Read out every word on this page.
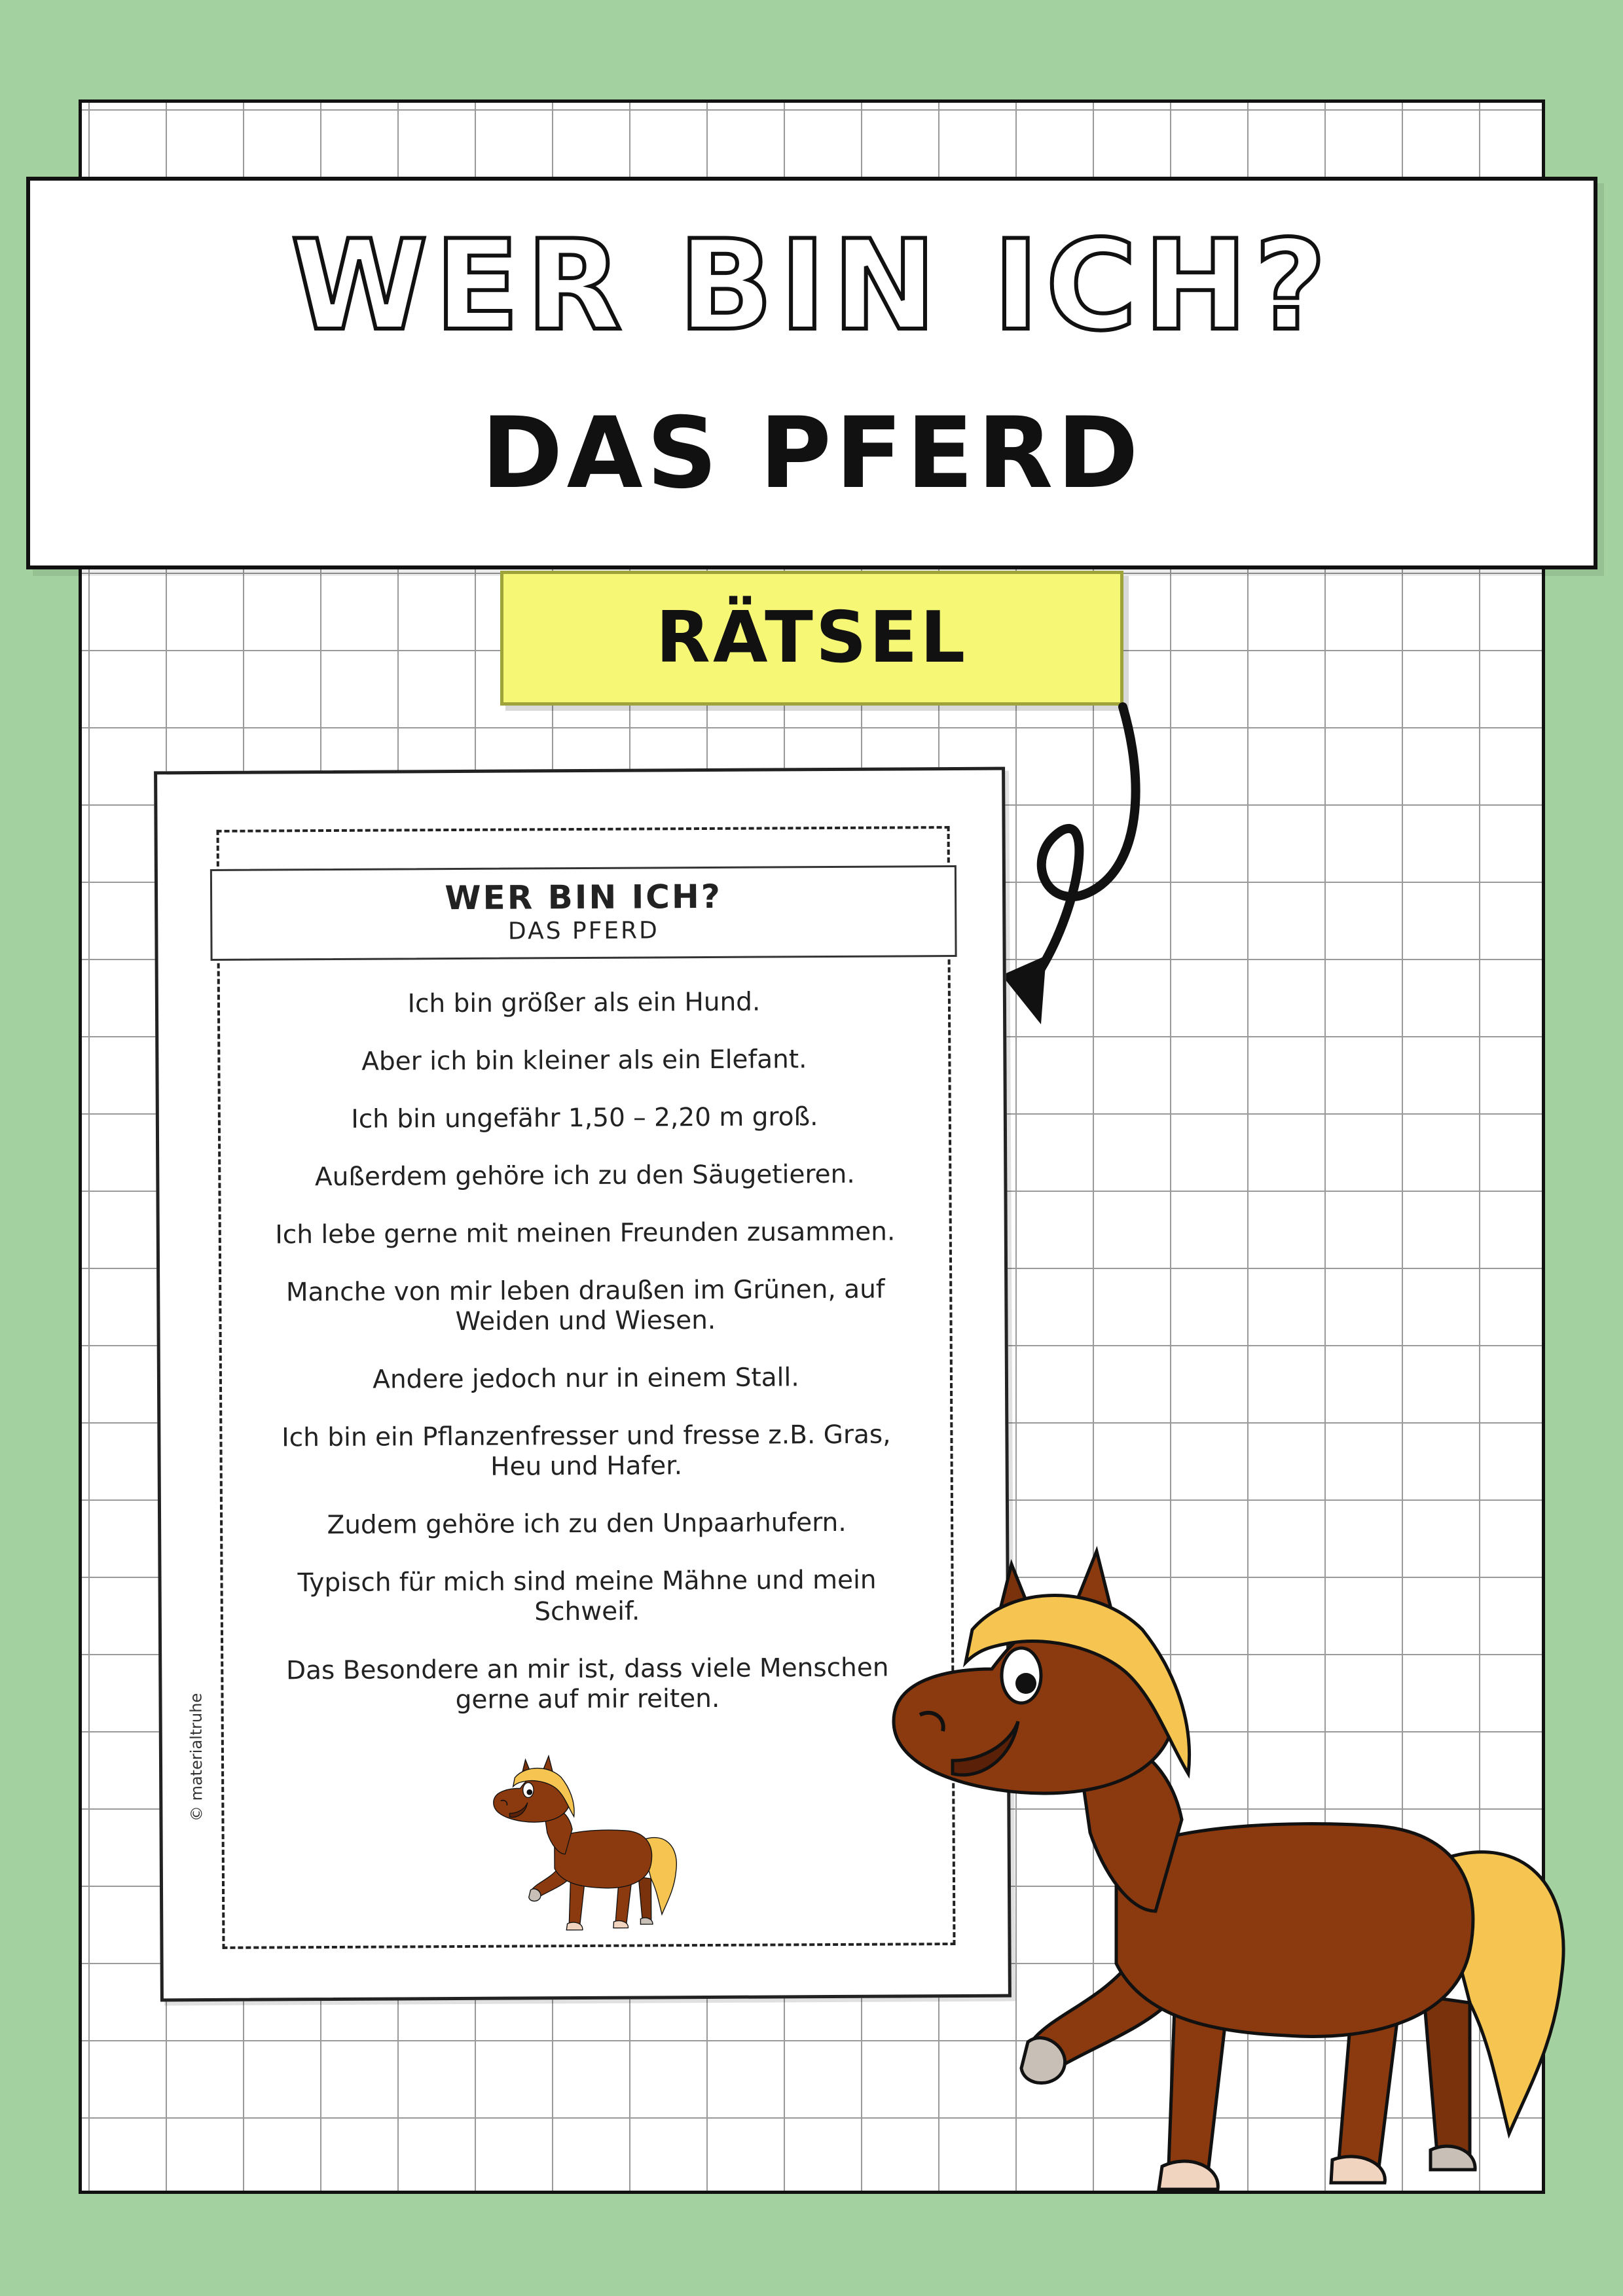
WER BIN ICH?
DAS PFERD
RÄTSEL
WER BIN ICH?
DAS PFERD

Ich bin größer als ein Hund.

Aber ich bin kleiner als ein Elefant.

Ich bin ungefähr 1,50 – 2,20 m groß.

Außerdem gehöre ich zu den Säugetieren.

Ich lebe gerne mit meinen Freunden zusammen.

Manche von mir leben draußen im Grünen, auf Weiden und Wiesen.

Andere jedoch nur in einem Stall.

Ich bin ein Pflanzenfresser und fresse z.B. Gras, Heu und Hafer.

Zudem gehöre ich zu den Unpaarhufern.

Typisch für mich sind meine Mähne und mein Schweif.

Das Besondere an mir ist, dass viele Menschen gerne auf mir reiten.

© materialtruhe
